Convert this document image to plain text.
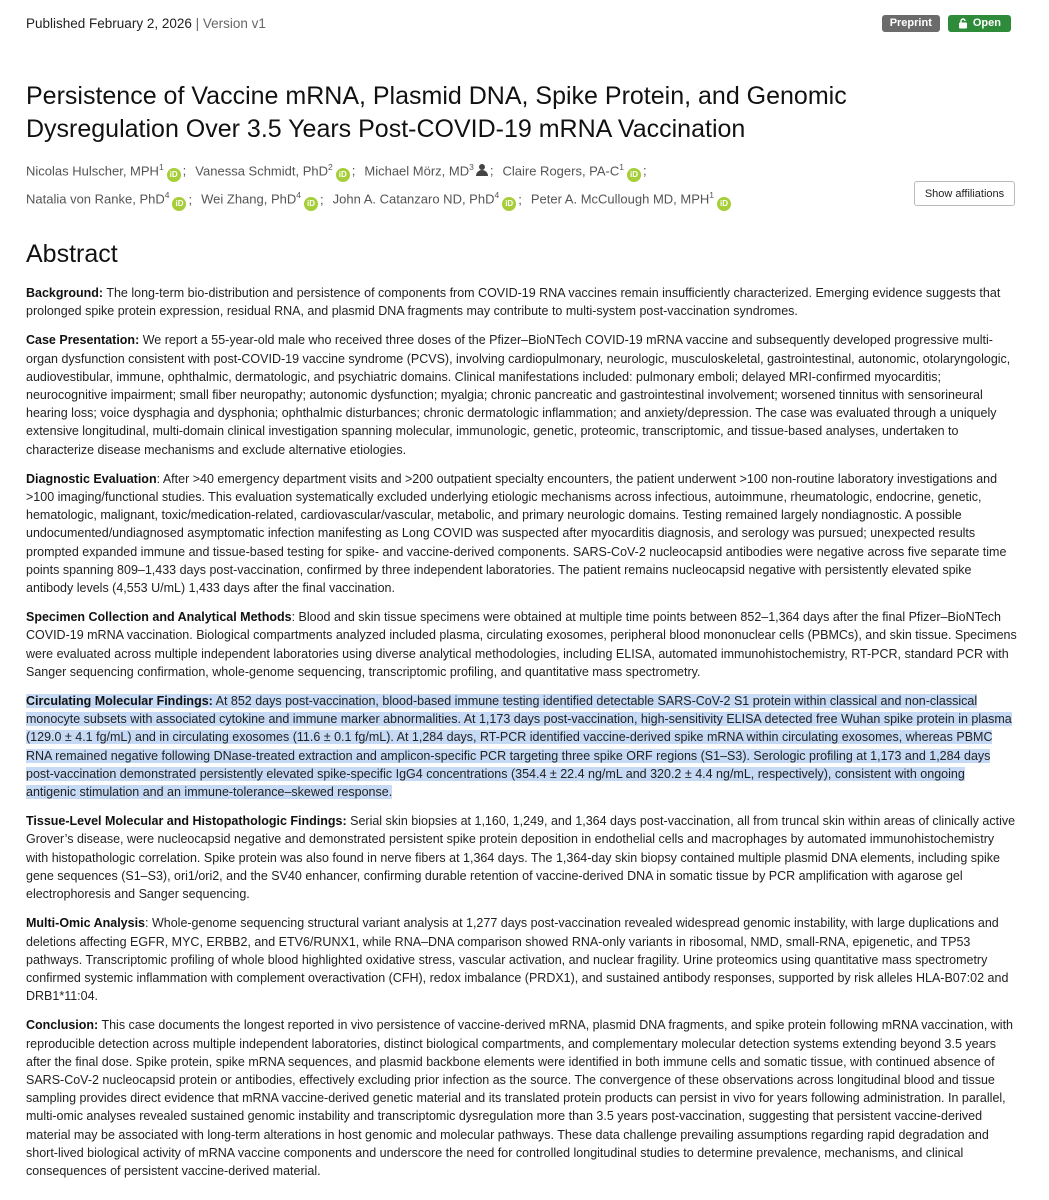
Published February 2, 2026 | Version v1	Preprint	Open
Persistence of Vaccine mRNA, Plasmid DNA, Spike Protein, and Genomic Dysregulation Over 3.5 Years Post-COVID-19 mRNA Vaccination
Nicolas Hulscher, MPH$^1$iD ; Vanessa Schmidt, PhD$^2$iD ; Michael Mörz, $MD^3$ ; Claire Rogers, $PA-C^1iD$ ;
Natalia von Ranke, PhD$^4$iD ; Wei Zhang, PhD$^4$iD ; John A. Catanzaro ND, PhD$^4$iD ; Peter A. McCullough MD, MPH$^1$iD
Show affiliations
Abstract

Background: The long-term bio-distribution and persistence of components from COVID-19 RNA vaccines remain insufficiently characterized. Emerging evidence suggests that prolonged spike protein expression, residual RNA, and plasmid DNA fragments may contribute to multi-system post-vaccination syndromes.

Case Presentation: We report a 55-year-old male who received three doses of the Pfizer–BioNTech COVID-19 mRNA vaccine and subsequently developed progressive multi-organ dysfunction consistent with post-COVID-19 vaccine syndrome (PCVS), involving cardiopulmonary, neurologic, musculoskeletal, gastrointestinal, autonomic, otolaryngologic, audiovestibular, immune, ophthalmic, dermatologic, and psychiatric domains. Clinical manifestations included: pulmonary emboli; delayed MRI-confirmed myocarditis; neurocognitive impairment; small fiber neuropathy; autonomic dysfunction; myalgia; chronic pancreatic and gastrointestinal involvement; worsened tinnitus with sensorineural hearing loss; voice dysphagia and dysphonia; ophthalmic disturbances; chronic dermatologic inflammation; and anxiety/depression. The case was evaluated through a uniquely extensive longitudinal, multi-domain clinical investigation spanning molecular, immunologic, genetic, proteomic, transcriptomic, and tissue-based analyses, undertaken to characterize disease mechanisms and exclude alternative etiologies.

Diagnostic Evaluation: After >40 emergency department visits and >200 outpatient specialty encounters, the patient underwent >100 non-routine laboratory investigations and >100 imaging/functional studies. This evaluation systematically excluded underlying etiologic mechanisms across infectious, autoimmune, rheumatologic, endocrine, genetic, hematologic, malignant, toxic/medication-related, cardiovascular/vascular, metabolic, and primary neurologic domains. Testing remained largely nondiagnostic. A possible undocumented/undiagnosed asymptomatic infection manifesting as Long COVID was suspected after myocarditis diagnosis, and serology was pursued; unexpected results prompted expanded immune and tissue-based testing for spike- and vaccine-derived components. SARS-CoV-2 nucleocapsid antibodies were negative across five separate time points spanning 809–1,433 days post-vaccination, confirmed by three independent laboratories. The patient remains nucleocapsid negative with persistently elevated spike antibody levels (4,553 U/mL) 1,433 days after the final vaccination.

Specimen Collection and Analytical Methods: Blood and skin tissue specimens were obtained at multiple time points between 852–1,364 days after the final Pfizer–BioNTech COVID-19 mRNA vaccination. Biological compartments analyzed included plasma, circulating exosomes, peripheral blood mononuclear cells (PBMCs), and skin tissue. Specimens were evaluated across multiple independent laboratories using diverse analytical methodologies, including ELISA, automated immunohistochemistry, RT-PCR, standard PCR with Sanger sequencing confirmation, whole-genome sequencing, transcriptomic profiling, and quantitative mass spectrometry.

Circulating Molecular Findings: At 852 days post-vaccination, blood-based immune testing identified detectable SARS-CoV-2 S1 protein within classical and non-classical monocyte subsets with associated cytokine and immune marker abnormalities. At 1,173 days post-vaccination, high-sensitivity ELISA detected free Wuhan spike protein in plasma (129.0 ± 4.1 fg/mL) and in circulating exosomes (11.6 ± 0.1 fg/mL). At 1,284 days, RT-PCR identified vaccine-derived spike mRNA within circulating exosomes, whereas PBMC RNA remained negative following DNase-treated extraction and amplicon-specific PCR targeting three spike ORF regions (S1–S3). Serologic profiling at 1,173 and 1,284 days post-vaccination demonstrated persistently elevated spike-specific IgG4 concentrations (354.4 ± 22.4 ng/mL and 320.2 ± 4.4 ng/mL, respectively), consistent with ongoing antigenic stimulation and an immune-tolerance–skewed response.

Tissue-Level Molecular and Histopathologic Findings: Serial skin biopsies at 1,160, 1,249, and 1,364 days post-vaccination, all from truncal skin within areas of clinically active Grover’s disease, were nucleocapsid negative and demonstrated persistent spike protein deposition in endothelial cells and macrophages by automated immunohistochemistry with histopathologic correlation. Spike protein was also found in nerve fibers at 1,364 days. The 1,364-day skin biopsy contained multiple plasmid DNA elements, including spike gene sequences (S1–S3), ori1/ori2, and the SV40 enhancer, confirming durable retention of vaccine-derived DNA in somatic tissue by PCR amplification with agarose gel electrophoresis and Sanger sequencing.

Multi-Omic Analysis: Whole-genome sequencing structural variant analysis at 1,277 days post-vaccination revealed widespread genomic instability, with large duplications and deletions affecting EGFR, MYC, ERBB2, and ETV6/RUNX1, while RNA–DNA comparison showed RNA-only variants in ribosomal, NMD, small-RNA, epigenetic, and TP53 pathways. Transcriptomic profiling of whole blood highlighted oxidative stress, vascular activation, and nuclear fragility. Urine proteomics using quantitative mass spectrometry confirmed systemic inflammation with complement overactivation (CFH), redox imbalance (PRDX1), and sustained antibody responses, supported by risk alleles HLA-B07:02 and DRB1*11:04.

Conclusion: This case documents the longest reported in vivo persistence of vaccine-derived mRNA, plasmid DNA fragments, and spike protein following mRNA vaccination, with reproducible detection across multiple independent laboratories, distinct biological compartments, and complementary molecular detection systems extending beyond 3.5 years after the final dose. Spike protein, spike mRNA sequences, and plasmid backbone elements were identified in both immune cells and somatic tissue, with continued absence of SARS-CoV-2 nucleocapsid protein or antibodies, effectively excluding prior infection as the source. The convergence of these observations across longitudinal blood and tissue sampling provides direct evidence that mRNA vaccine-derived genetic material and its translated protein products can persist in vivo for years following administration. In parallel, multi-omic analyses revealed sustained genomic instability and transcriptomic dysregulation more than 3.5 years post-vaccination, suggesting that persistent vaccine-derived material may be associated with long-term alterations in host genomic and molecular pathways. These data challenge prevailing assumptions regarding rapid degradation and short-lived biological activity of mRNA vaccine components and underscore the need for controlled longitudinal studies to determine prevalence, mechanisms, and clinical consequences of persistent vaccine-derived material.
